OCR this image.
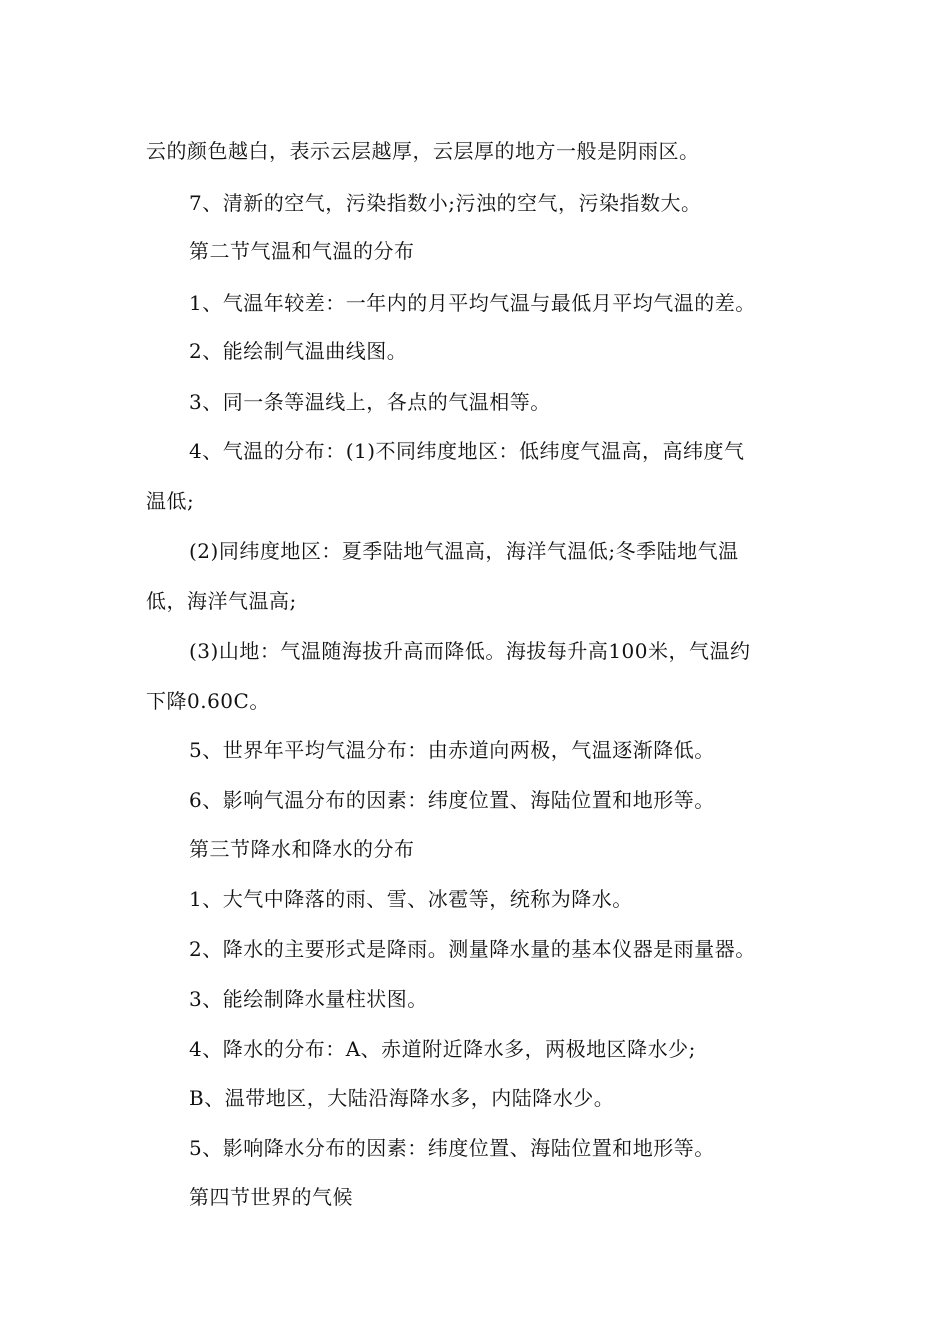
云的颜色越白，表示云层越厚，云层厚的地方一般是阴雨区。
7、清新的空气，污染指数小;污浊的空气，污染指数大。
第二节气温和气温的分布
1、气温年较差：一年内的月平均气温与最低月平均气温的差。
2、能绘制气温曲线图。
3、同一条等温线上，各点的气温相等。
4、气温的分布：(1)不同纬度地区：低纬度气温高，高纬度气
温低;
(2)同纬度地区：夏季陆地气温高，海洋气温低;冬季陆地气温
低，海洋气温高;
(3)山地：气温随海拔升高而降低。海拔每升高100米，气温约
下降0.60C。
5、世界年平均气温分布：由赤道向两极，气温逐渐降低。
6、影响气温分布的因素：纬度位置、海陆位置和地形等。
第三节降水和降水的分布
1、大气中降落的雨、雪、冰雹等，统称为降水。
2、降水的主要形式是降雨。测量降水量的基本仪器是雨量器。
3、能绘制降水量柱状图。
4、降水的分布：A、赤道附近降水多，两极地区降水少;
B、温带地区，大陆沿海降水多，内陆降水少。
5、影响降水分布的因素：纬度位置、海陆位置和地形等。
第四节世界的气候
